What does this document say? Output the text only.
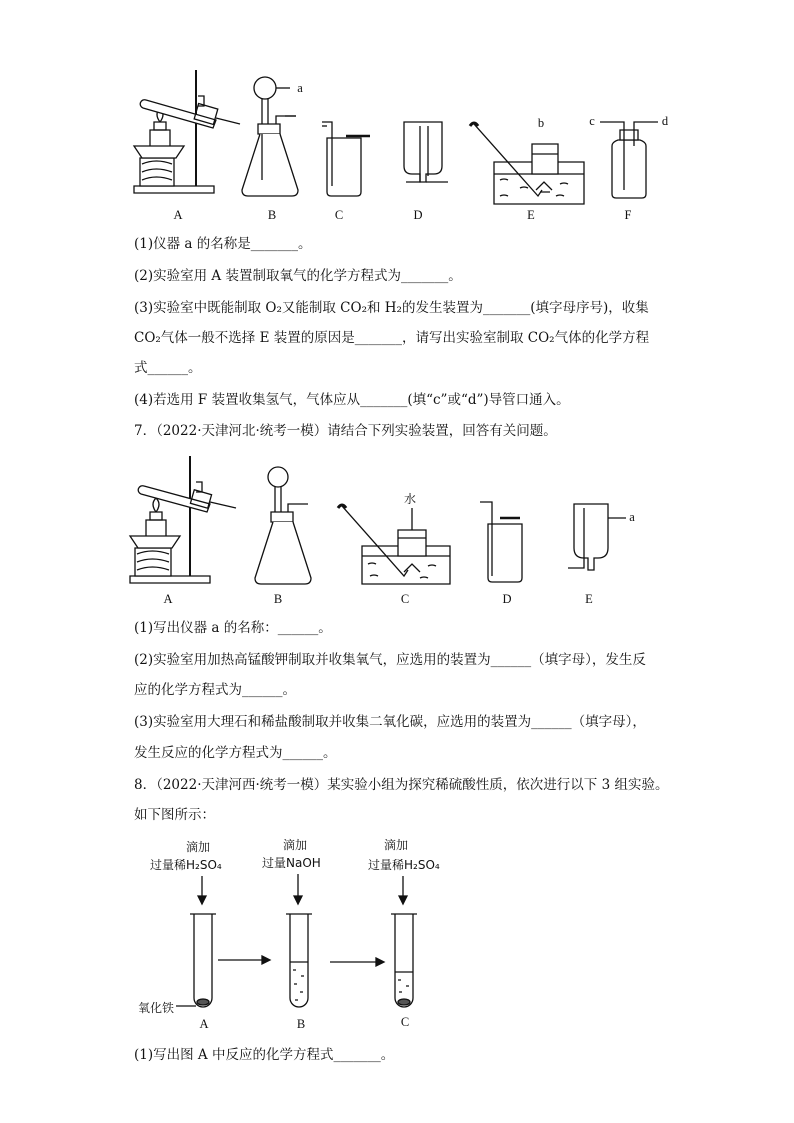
A	B	C	D	E	F
a
b	c	d
(1)仪器 a 的名称是_______。
(2)实验室用 A 装置制取氧气的化学方程式为_______。
(3)实验室中既能制取 O₂又能制取 CO₂和 H₂的发生装置为_______(填字母序号)，收集
CO₂气体一般不选择 E 装置的原因是_______，请写出实验室制取 CO₂气体的化学方程
式______。
(4)若选用 F 装置收集氢气，气体应从_______(填“c”或“d”)导管口通入。
7．（2022·天津河北·统考一模）请结合下列实验装置，回答有关问题。
A	B	C	D	E
水
a
(1)写出仪器 a 的名称：______。
(2)实验室用加热高锰酸钾制取并收集氧气，应选用的装置为______（填字母），发生反
应的化学方程式为______。
(3)实验室用大理石和稀盐酸制取并收集二氧化碳，应选用的装置为______（填字母），
发生反应的化学方程式为______。
8．（2022·天津河西·统考一模）某实验小组为探究稀硫酸性质，依次进行以下 3 组实验。
如下图所示：
滴加
过量稀H₂SO₄
滴加
过量NaOH
滴加
过量稀H₂SO₄
氧化铁
A	B	C
(1)写出图 A 中反应的化学方程式_______。
